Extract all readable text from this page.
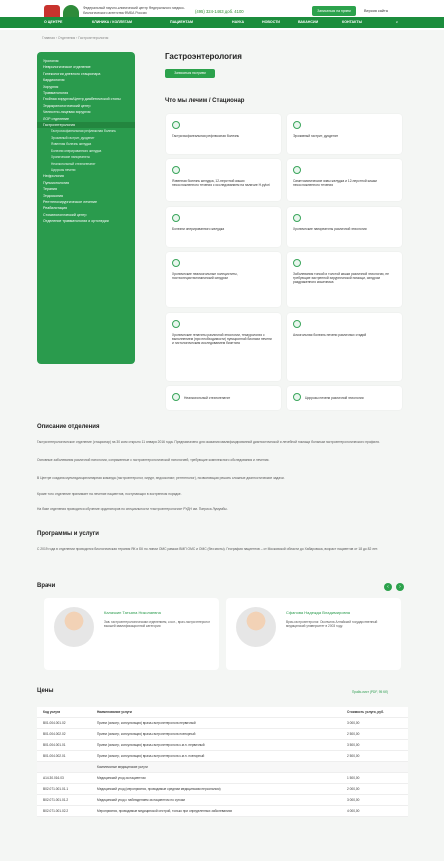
Федеральный научно-клинический центр Федерального медико-биологического агентства ФМБА России	(495) 324-1463 доб. 4100	Записаться на прием	Версия сайта
О ЦЕНТРЕ	КЛИНИКА / КОЛЛЕГАМ	ПАЦИЕНТАМ	НАУКА	НОВОСТИ	ВАКАНСИИ	КОНТАКТЫ	⌕
Главная › Отделения › Гастроэнтерология
Урология
Неврологическое отделение
Гинекологии дневного стационара
Кардиология
Хирургия
Травматология
Гнойная хирургия/Центр диабетической стопы
Эндокринологический центр
Челюстно-лицевая хирургия
ЛОР отделение
Гастроэнтерология
Гастроэзофагеальная рефлюксная болезнь
Эрозивный гастрит, дуоденит
Язвенная болезнь желудка
Болезни оперированного желудка
Хронические панкреатиты
Неалкогольный стеатогепатит
Циррозы печени
Нефрология
Пульмонология
Терапия
Эндоскопия
Рентгенохирургическое лечение
Реабилитация
Стоматологический центр
Отделение травматологии и ортопедии
Гастроэнтерология
Записаться на прием
Что мы лечим / Стационар
Гастроэзофагеальная рефлюксная болезнь	Эрозивный гастрит, дуоденит
Язвенная болезнь желудка, 12-перстной кишки несосложненного течения с исследованием на наличие H.pylori
Симптоматические язвы желудка и 12-перстной кишки несосложненного течения
Болезни оперированного желудка	Хронические панкреатиты различной этиологии
Хронические неалкогольные холециститы, постхолецистэктомический синдром
Заболевания тонкой и толстой кишки различной этиологии, не требующие экстренной хирургической помощи, синдром раздраженного кишечника
Хронические гепатиты различной этиологии, тезаурология с выполнением (при необходимости) пункционной биопсии печени и гистологическим исследованием биоптата
Алкогольная болезнь печени различных стадий
Неалкогольный стеатогепатит	Циррозы печени различной этиологии
Описание отделения
Гастроэнтерологическое отделение (стационар) на 30 коек открыто 11 января 2016 года. Предназначено для оказания квалифицированной диагностической и лечебной помощи больным гастроэнтерологического профиля.
Основные заболевания различной патологии, сопряженные с гастроэнтерологической патологией, требующие комплексного обследования и лечения.
В Центре создана мультидисциплинарная команда (гастроэнтеролог, хирург, эндоскопист, рентгенолог), позволяющая решать сложные диагностические задачи.
Кроме того отделение принимает на лечение пациентов, поступающих в экстренном порядке.
На базе отделения проводится обучение ординаторов по специальности «гастроэнтерология» РУДН им. Патриса Лумумбы.
Программы и услуги
С 2019 года в отделении проводится биологическая терапия ЯК и БК по линии ОМС рамках ВМП ОМС и ОМС (без квоты). География пациентов – от Московской области до Хабаровска, возраст пациентов от 18 до 82 лет.
Врачи	‹	›
Калачкин Татьяна Николаевна
Зав. гастроэнтерологическим отделением, к.м.н., врач-гастроэнтеролог высшей квалификационной категории
Сфанова Надежда Владимировна
Врач-гастроэнтеролог. Окончила Алтайский государственный медицинский университет в 2003 году.
Цены	Прайс-лист (PDF, 95 Кб)
Код услуги	Наименование услуги	Стоимость услуги, руб.
В01.004.001.02	Прием (осмотр, консультация) врача-гастроэнтеролога первичный	3 000,00
В01.004.002.02	Прием (осмотр, консультация) врача-гастроэнтеролога повторный	2 500,00
В01.004.001.01	Прием (осмотр, консультация) врача-гастроэнтеролога к.м.н. первичный	3 500,00
В01.004.002.01	Прием (осмотр, консультация) врача-гастроэнтеролога к.м.н. повторный	2 500,00
Комплексные медицинские услуги
А14.30.016.03	Медицинский уход за пациентом	1 500,00
В02.071.001.01.1	Медицинский уход (мероприятия, проводимые средним медицинским персоналом)	2 000,00
В02.071.001.01.2	Медицинский уход с наблюдением за пациентом по суткам	3 000,00
В02.071.001.02.2	Мероприятия, проводимые медицинской сестрой, только при определенных заболеваниях	4 000,00
